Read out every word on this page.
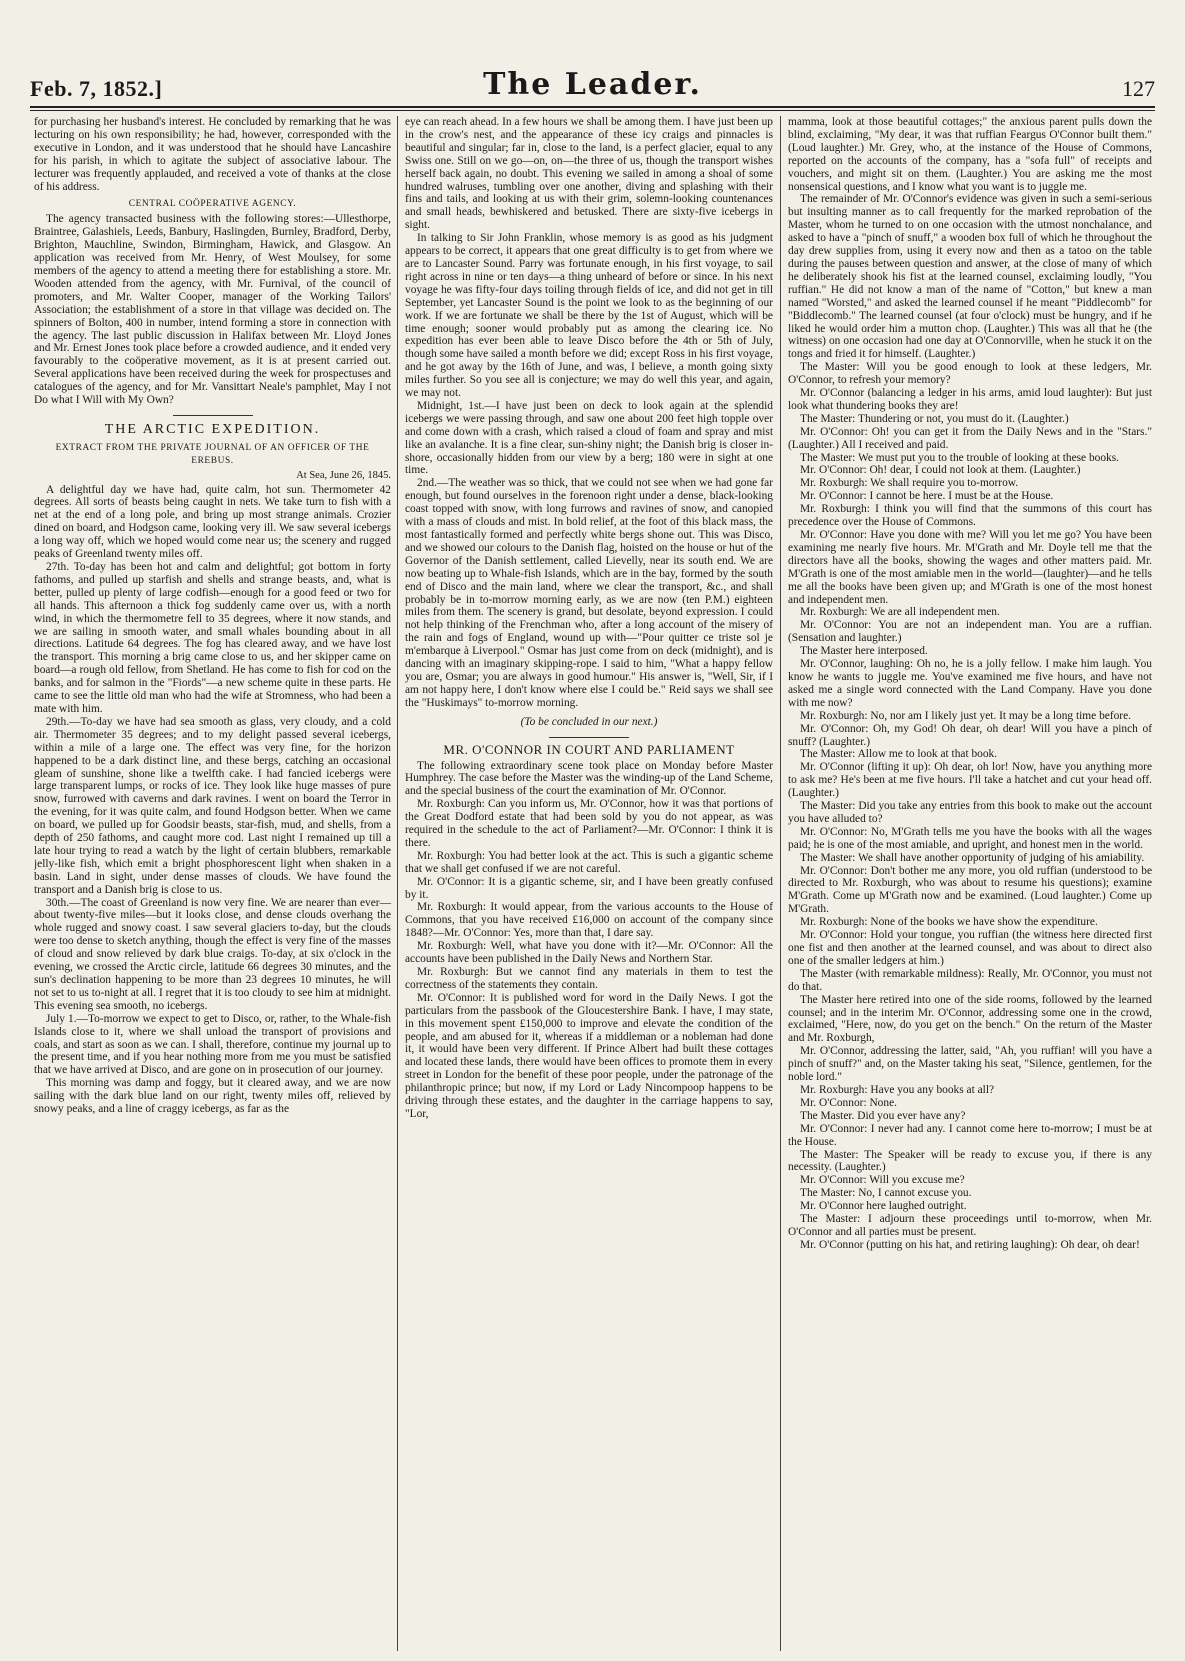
Feb. 7, 1852.]	The Leader.	127

for purchasing her husband's interest. He concluded by remarking that he was lecturing on his own responsibility; he had, however, corresponded with the executive in London, and it was understood that he should have Lancashire for his parish, in which to agitate the subject of associative labour. The lecturer was frequently applauded, and received a vote of thanks at the close of his address.

CENTRAL COÖPERATIVE AGENCY.

The agency transacted business with the following stores:—Ullesthorpe, Braintree, Galashiels, Leeds, Banbury, Haslingden, Burnley, Bradford, Derby, Brighton, Mauchline, Swindon, Birmingham, Hawick, and Glasgow. An application was received from Mr. Henry, of West Moulsey, for some members of the agency to attend a meeting there for establishing a store. Mr. Wooden attended from the agency, with Mr. Furnival, of the council of promoters, and Mr. Walter Cooper, manager of the Working Tailors' Association; the establishment of a store in that village was decided on. The spinners of Bolton, 400 in number, intend forming a store in connection with the agency. The last public discussion in Halifax between Mr. Lloyd Jones and Mr. Ernest Jones took place before a crowded audience, and it ended very favourably to the coöperative movement, as it is at present carried out. Several applications have been received during the week for prospectuses and catalogues of the agency, and for Mr. Vansittart Neale's pamphlet, May I not Do what I Will with My Own?

THE ARCTIC EXPEDITION.
EXTRACT FROM THE PRIVATE JOURNAL OF AN OFFICER OF THE EREBUS.
At Sea, June 26, 1845.

A delightful day we have had, quite calm, hot sun. Thermometer 42 degrees. All sorts of beasts being caught in nets. We take turn to fish with a net at the end of a long pole, and bring up most strange animals. Crozier dined on board, and Hodgson came, looking very ill. We saw several icebergs a long way off, which we hoped would come near us; the scenery and rugged peaks of Greenland twenty miles off.

27th. To-day has been hot and calm and delightful; got bottom in forty fathoms, and pulled up starfish and shells and strange beasts, and, what is better, pulled up plenty of large codfish—enough for a good feed or two for all hands. This afternoon a thick fog suddenly came over us, with a north wind, in which the thermometre fell to 35 degrees, where it now stands, and we are sailing in smooth water, and small whales bounding about in all directions. Latitude 64 degrees. The fog has cleared away, and we have lost the transport. This morning a brig came close to us, and her skipper came on board—a rough old fellow, from Shetland. He has come to fish for cod on the banks, and for salmon in the "Fiords"—a new scheme quite in these parts. He came to see the little old man who had the wife at Stromness, who had been a mate with him.

29th.—To-day we have had sea smooth as glass, very cloudy, and a cold air. Thermometer 35 degrees; and to my delight passed several icebergs, within a mile of a large one. The effect was very fine, for the horizon happened to be a dark distinct line, and these bergs, catching an occasional gleam of sunshine, shone like a twelfth cake. I had fancied icebergs were large transparent lumps, or rocks of ice. They look like huge masses of pure snow, furrowed with caverns and dark ravines. I went on board the Terror in the evening, for it was quite calm, and found Hodgson better. When we came on board, we pulled up for Goodsir beasts, star-fish, mud, and shells, from a depth of 250 fathoms, and caught more cod. Last night I remained up till a late hour trying to read a watch by the light of certain blubbers, remarkable jelly-like fish, which emit a bright phosphorescent light when shaken in a basin. Land in sight, under dense masses of clouds. We have found the transport and a Danish brig is close to us.

30th.—The coast of Greenland is now very fine. We are nearer than ever—about twenty-five miles—but it looks close, and dense clouds overhang the whole rugged and snowy coast. I saw several glaciers to-day, but the clouds were too dense to sketch anything, though the effect is very fine of the masses of cloud and snow relieved by dark blue craigs. To-day, at six o'clock in the evening, we crossed the Arctic circle, latitude 66 degrees 30 minutes, and the sun's declination happening to be more than 23 degrees 10 minutes, he will not set to us to-night at all. I regret that it is too cloudy to see him at midnight. This evening sea smooth, no icebergs.

July 1.—To-morrow we expect to get to Disco, or, rather, to the Whale-fish Islands close to it, where we shall unload the transport of provisions and coals, and start as soon as we can. I shall, therefore, continue my journal up to the present time, and if you hear nothing more from me you must be satisfied that we have arrived at Disco, and are gone on in prosecution of our journey.

This morning was damp and foggy, but it cleared away, and we are now sailing with the dark blue land on our right, twenty miles off, relieved by snowy peaks, and a line of craggy icebergs, as far as the

eye can reach ahead. In a few hours we shall be among them. I have just been up in the crow's nest, and the appearance of these icy craigs and pinnacles is beautiful and singular; far in, close to the land, is a perfect glacier, equal to any Swiss one. Still on we go—on, on—the three of us, though the transport wishes herself back again, no doubt. This evening we sailed in among a shoal of some hundred walruses, tumbling over one another, diving and splashing with their fins and tails, and looking at us with their grim, solemn-looking countenances and small heads, bewhiskered and betusked. There are sixty-five icebergs in sight.

In talking to Sir John Franklin, whose memory is as good as his judgment appears to be correct, it appears that one great difficulty is to get from where we are to Lancaster Sound. Parry was fortunate enough, in his first voyage, to sail right across in nine or ten days—a thing unheard of before or since. In his next voyage he was fifty-four days toiling through fields of ice, and did not get in till September, yet Lancaster Sound is the point we look to as the beginning of our work. If we are fortunate we shall be there by the 1st of August, which will be time enough; sooner would probably put as among the clearing ice. No expedition has ever been able to leave Disco before the 4th or 5th of July, though some have sailed a month before we did; except Ross in his first voyage, and he got away by the 16th of June, and was, I believe, a month going sixty miles further. So you see all is conjecture; we may do well this year, and again, we may not.

Midnight, 1st.—I have just been on deck to look again at the splendid icebergs we were passing through, and saw one about 200 feet high topple over and come down with a crash, which raised a cloud of foam and spray and mist like an avalanche. It is a fine clear, sun-shiny night; the Danish brig is closer in-shore, occasionally hidden from our view by a berg; 180 were in sight at one time.

2nd.—The weather was so thick, that we could not see when we had gone far enough, but found ourselves in the forenoon right under a dense, black-looking coast topped with snow, with long furrows and ravines of snow, and canopied with a mass of clouds and mist. In bold relief, at the foot of this black mass, the most fantastically formed and perfectly white bergs shone out. This was Disco, and we showed our colours to the Danish flag, hoisted on the house or hut of the Governor of the Danish settlement, called Lievelly, near its south end. We are now beating up to Whale-fish Islands, which are in the bay, formed by the south end of Disco and the main land, where we clear the transport, &c., and shall probably be in to-morrow morning early, as we are now (ten P.M.) eighteen miles from them. The scenery is grand, but desolate, beyond expression. I could not help thinking of the Frenchman who, after a long account of the misery of the rain and fogs of England, wound up with—"Pour quitter ce triste sol je m'embarque à Liverpool." Osmar has just come from on deck (midnight), and is dancing with an imaginary skipping-rope. I said to him, "What a happy fellow you are, Osmar; you are always in good humour." His answer is, "Well, Sir, if I am not happy here, I don't know where else I could be." Reid says we shall see the "Huskimays" to-morrow morning.

(To be concluded in our next.)

MR. O'CONNOR IN COURT AND PARLIAMENT

The following extraordinary scene took place on Monday before Master Humphrey. The case before the Master was the winding-up of the Land Scheme, and the special business of the court the examination of Mr. O'Connor.

Mr. Roxburgh: Can you inform us, Mr. O'Connor, how it was that portions of the Great Dodford estate that had been sold by you do not appear, as was required in the schedule to the act of Parliament?—Mr. O'Connor: I think it is there.

Mr. Roxburgh: You had better look at the act. This is such a gigantic scheme that we shall get confused if we are not careful.

Mr. O'Connor: It is a gigantic scheme, sir, and I have been greatly confused by it.

Mr. Roxburgh: It would appear, from the various accounts to the House of Commons, that you have received £16,000 on account of the company since 1848?—Mr. O'Connor: Yes, more than that, I dare say.

Mr. Roxburgh: Well, what have you done with it?—Mr. O'Connor: All the accounts have been published in the Daily News and Northern Star.

Mr. Roxburgh: But we cannot find any materials in them to test the correctness of the statements they contain.

Mr. O'Connor: It is published word for word in the Daily News. I got the particulars from the passbook of the Gloucestershire Bank. I have, I may state, in this movement spent £150,000 to improve and elevate the condition of the people, and am abused for it, whereas if a middleman or a nobleman had done it, it would have been very different. If Prince Albert had built these cottages and located these lands, there would have been offices to promote them in every street in London for the benefit of these poor people, under the patronage of the philanthropic prince; but now, if my Lord or Lady Nincompoop happens to be driving through these estates, and the daughter in the carriage happens to say, "Lor,

mamma, look at those beautiful cottages;" the anxious parent pulls down the blind, exclaiming, "My dear, it was that ruffian Feargus O'Connor built them." (Loud laughter.) Mr. Grey, who, at the instance of the House of Commons, reported on the accounts of the company, has a "sofa full" of receipts and vouchers, and might sit on them. (Laughter.) You are asking me the most nonsensical questions, and I know what you want is to juggle me.

The remainder of Mr. O'Connor's evidence was given in such a semi-serious but insulting manner as to call frequently for the marked reprobation of the Master, whom he turned to on one occasion with the utmost nonchalance, and asked to have a "pinch of snuff," a wooden box full of which he throughout the day drew supplies from, using it every now and then as a tatoo on the table during the pauses between question and answer, at the close of many of which he deliberately shook his fist at the learned counsel, exclaiming loudly, "You ruffian." He did not know a man of the name of "Cotton," but knew a man named "Worsted," and asked the learned counsel if he meant "Piddlecomb" for "Biddlecomb." The learned counsel (at four o'clock) must be hungry, and if he liked he would order him a mutton chop. (Laughter.) This was all that he (the witness) on one occasion had one day at O'Connorville, when he stuck it on the tongs and fried it for himself. (Laughter.)

The Master: Will you be good enough to look at these ledgers, Mr. O'Connor, to refresh your memory?

Mr. O'Connor (balancing a ledger in his arms, amid loud laughter): But just look what thundering books they are!

The Master: Thundering or not, you must do it. (Laughter.)

Mr. O'Connor: Oh! you can get it from the Daily News and in the "Stars." (Laughter.) All I received and paid.

The Master: We must put you to the trouble of looking at these books.

Mr. O'Connor: Oh! dear, I could not look at them. (Laughter.)

Mr. Roxburgh: We shall require you to-morrow.

Mr. O'Connor: I cannot be here. I must be at the House.

Mr. Roxburgh: I think you will find that the summons of this court has precedence over the House of Commons.

Mr. O'Connor: Have you done with me? Will you let me go? You have been examining me nearly five hours. Mr. M'Grath and Mr. Doyle tell me that the directors have all the books, showing the wages and other matters paid. Mr. M'Grath is one of the most amiable men in the world—(laughter)—and he tells me all the books have been given up; and M'Grath is one of the most honest and independent men.

Mr. Roxburgh: We are all independent men.

Mr. O'Connor: You are not an independent man. You are a ruffian. (Sensation and laughter.)

The Master here interposed.

Mr. O'Connor, laughing: Oh no, he is a jolly fellow. I make him laugh. You know he wants to juggle me. You've examined me five hours, and have not asked me a single word connected with the Land Company. Have you done with me now?

Mr. Roxburgh: No, nor am I likely just yet. It may be a long time before.

Mr. O'Connor: Oh, my God! Oh dear, oh dear! Will you have a pinch of snuff? (Laughter.)

The Master: Allow me to look at that book.

Mr. O'Connor (lifting it up): Oh dear, oh lor! Now, have you anything more to ask me? He's been at me five hours. I'll take a hatchet and cut your head off. (Laughter.)

The Master: Did you take any entries from this book to make out the account you have alluded to?

Mr. O'Connor: No, M'Grath tells me you have the books with all the wages paid; he is one of the most amiable, and upright, and honest men in the world.

The Master: We shall have another opportunity of judging of his amiability.

Mr. O'Connor: Don't bother me any more, you old ruffian (understood to be directed to Mr. Roxburgh, who was about to resume his questions); examine M'Grath. Come up M'Grath now and be examined. (Loud laughter.) Come up M'Grath.

Mr. Roxburgh: None of the books we have show the expenditure.

Mr. O'Connor: Hold your tongue, you ruffian (the witness here directed first one fist and then another at the learned counsel, and was about to direct also one of the smaller ledgers at him.)

The Master (with remarkable mildness): Really, Mr. O'Connor, you must not do that.

The Master here retired into one of the side rooms, followed by the learned counsel; and in the interim Mr. O'Connor, addressing some one in the crowd, exclaimed, "Here, now, do you get on the bench." On the return of the Master and Mr. Roxburgh,

Mr. O'Connor, addressing the latter, said, "Ah, you ruffian! will you have a pinch of snuff?" and, on the Master taking his seat, "Silence, gentlemen, for the noble lord."

Mr. Roxburgh: Have you any books at all?

Mr. O'Connor: None.

The Master. Did you ever have any?

Mr. O'Connor: I never had any. I cannot come here to-morrow; I must be at the House.

The Master: The Speaker will be ready to excuse you, if there is any necessity. (Laughter.)

Mr. O'Connor: Will you excuse me?

The Master: No, I cannot excuse you.

Mr. O'Connor here laughed outright.

The Master: I adjourn these proceedings until to-morrow, when Mr. O'Connor and all parties must be present.

Mr. O'Connor (putting on his hat, and retiring laughing): Oh dear, oh dear!
